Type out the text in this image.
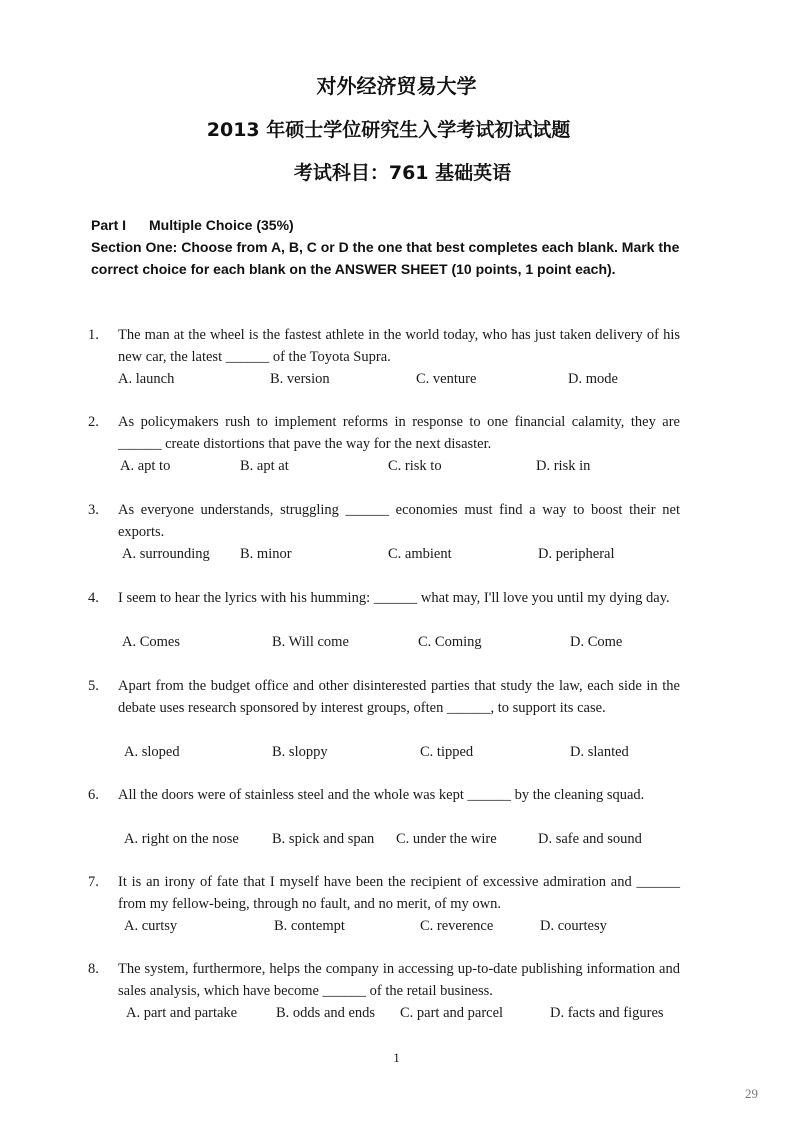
对外经济贸易大学
2013 年硕士学位研究生入学考试初试试题
考试科目：761 基础英语
Part I Multiple Choice (35%)
Section One: Choose from A, B, C or D the one that best completes each blank. Mark the correct choice for each blank on the ANSWER SHEET (10 points, 1 point each).
1.	The man at the wheel is the fastest athlete in the world today, who has just taken delivery of his new car, the latest ______ of the Toyota Supra.
A. launch	B. version	C. venture	D. mode
2.	As policymakers rush to implement reforms in response to one financial calamity, they are ______ create distortions that pave the way for the next disaster.
A. apt to	B. apt at	C. risk to	D. risk in
3.	As everyone understands, struggling ______ economies must find a way to boost their net exports.
A. surrounding B. minor	C. ambient	D. peripheral
4.	I seem to hear the lyrics with his humming: ______ what may, I'll love you until my dying day.
A. Comes	B. Will come	C. Coming	D. Come
5.	Apart from the budget office and other disinterested parties that study the law, each side in the debate uses research sponsored by interest groups, often ______, to support its case.
A. sloped	B. sloppy	C. tipped	D. slanted
6.	All the doors were of stainless steel and the whole was kept ______ by the cleaning squad.
A. right on the nose B. spick and span C. under the wire	D. safe and sound
7.	It is an irony of fate that I myself have been the recipient of excessive admiration and ______ from my fellow-being, through no fault, and no merit, of my own.
A. curtsy	B. contempt	C. reverence	D. courtesy
8.	The system, furthermore, helps the company in accessing up-to-date publishing information and sales analysis, which have become ______ of the retail business.
A. part and partake	B. odds and ends C. part and parcel	D. facts and figures
1
29
